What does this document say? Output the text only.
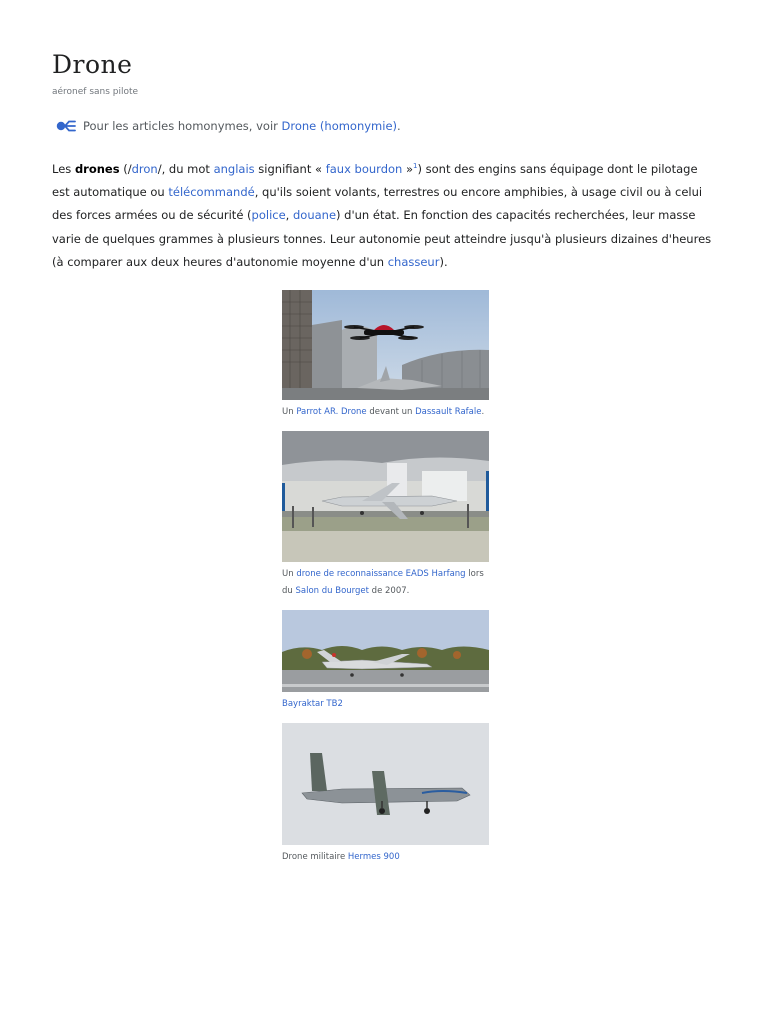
Drone
aéronef sans pilote
Pour les articles homonymes, voir Drone (homonymie).

Les drones (/dron/, du mot anglais signifiant « faux bourdon »$^1$) sont des engins sans équipage dont le pilotage est automatique ou télécommandé, qu'ils soient volants, terrestres ou encore amphibies, à usage civil ou à celui des forces armées ou de sécurité (police, douane) d'un état. En fonction des capacités recherchées, leur masse varie de quelques grammes à plusieurs tonnes. Leur autonomie peut atteindre jusqu'à plusieurs dizaines d'heures (à comparer aux deux heures d'autonomie moyenne d'un chasseur).

Un Parrot AR. Drone devant un Dassault Rafale.
Un drone de reconnaissance EADS Harfang lors du Salon du Bourget de 2007.
Bayraktar TB2
Drone militaire Hermes 900
